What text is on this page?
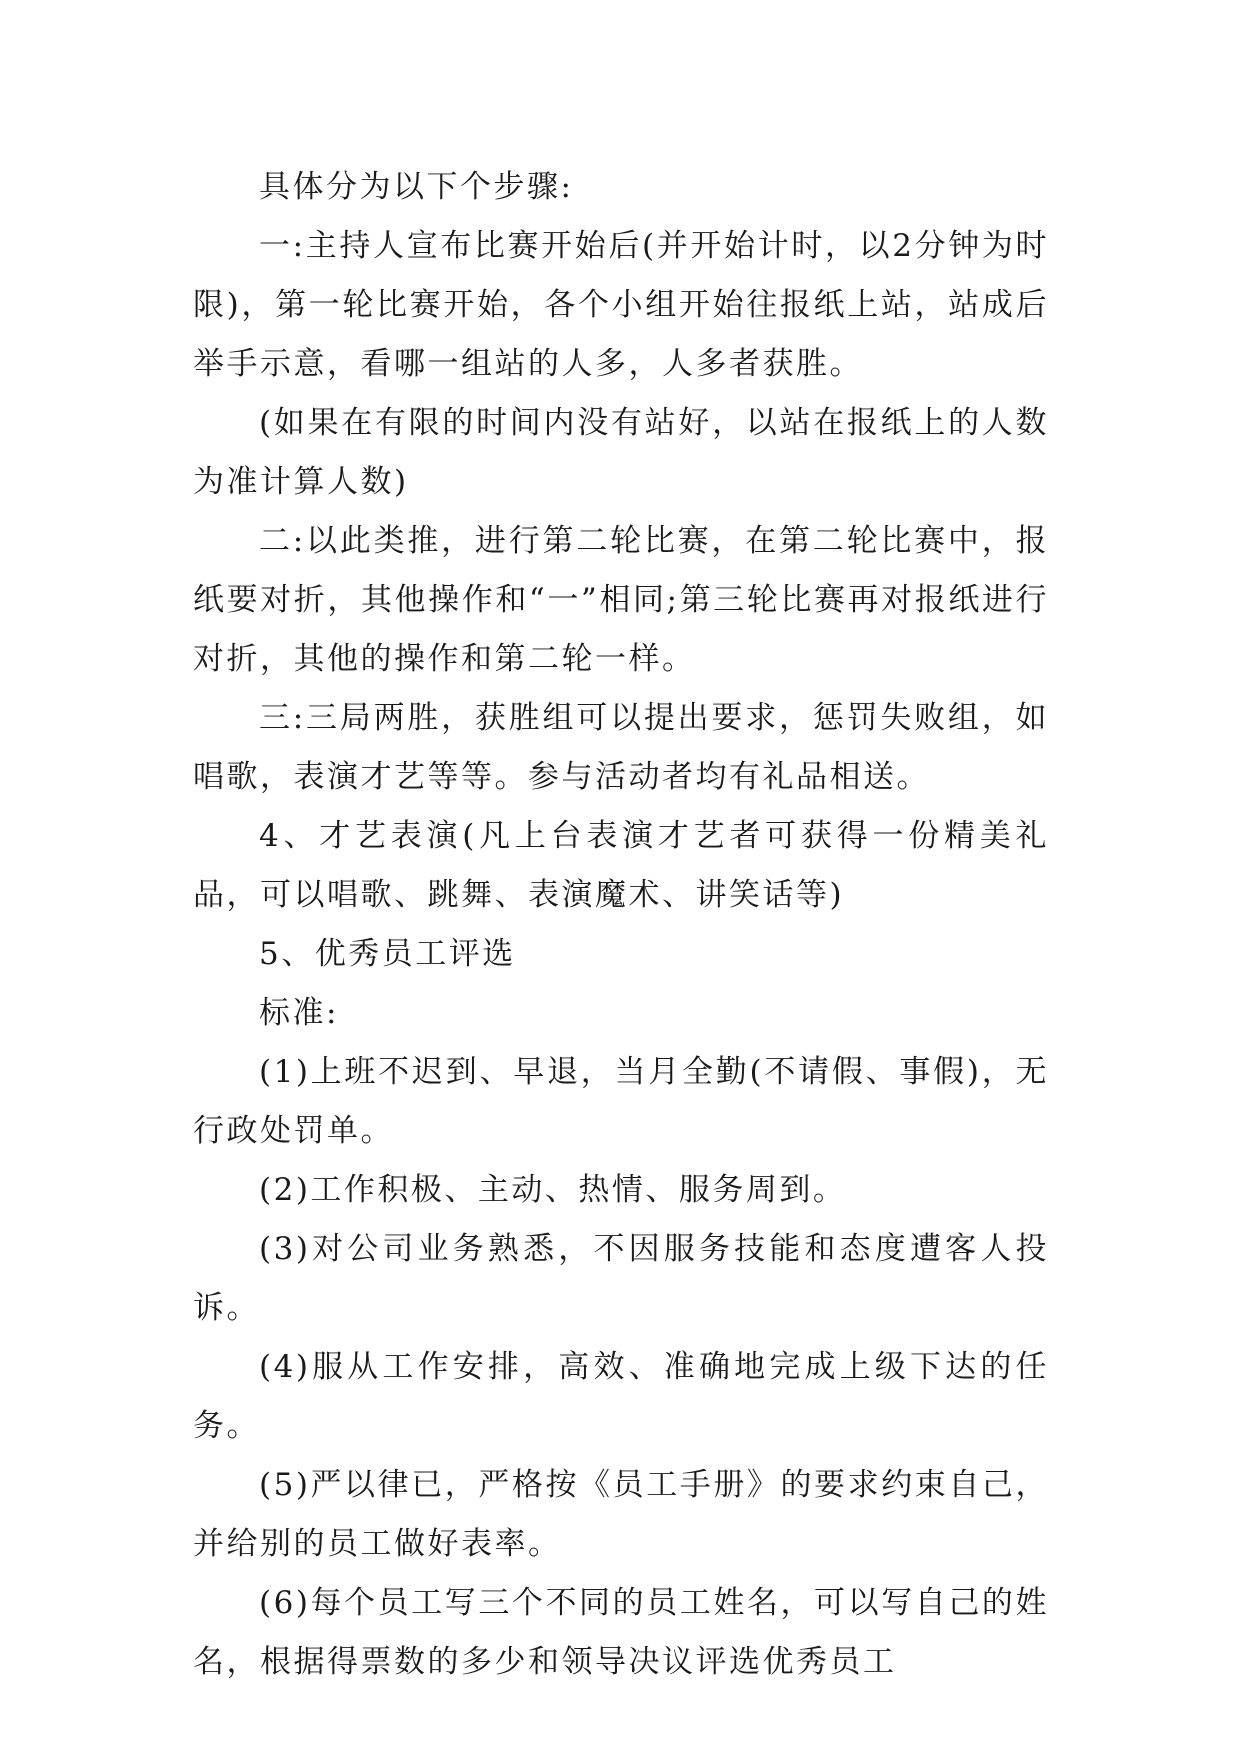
具体分为以下个步骤:

一:主持人宣布比赛开始后(并开始计时，以2分钟为时限)，第一轮比赛开始，各个小组开始往报纸上站，站成后举手示意，看哪一组站的人多，人多者获胜。

(如果在有限的时间内没有站好，以站在报纸上的人数为准计算人数)

二:以此类推，进行第二轮比赛，在第二轮比赛中，报纸要对折，其他操作和“一”相同;第三轮比赛再对报纸进行对折，其他的操作和第二轮一样。

三:三局两胜，获胜组可以提出要求，惩罚失败组，如唱歌，表演才艺等等。参与活动者均有礼品相送。

4、才艺表演(凡上台表演才艺者可获得一份精美礼品，可以唱歌、跳舞、表演魔术、讲笑话等)

5、优秀员工评选

标准:

(1)上班不迟到、早退，当月全勤(不请假、事假)，无行政处罚单。

(2)工作积极、主动、热情、服务周到。

(3)对公司业务熟悉，不因服务技能和态度遭客人投诉。

(4)服从工作安排，高效、准确地完成上级下达的任务。

(5)严以律已，严格按《员工手册》的要求约束自己，并给别的员工做好表率。

(6)每个员工写三个不同的员工姓名，可以写自己的姓名，根据得票数的多少和领导决议评选优秀员工
